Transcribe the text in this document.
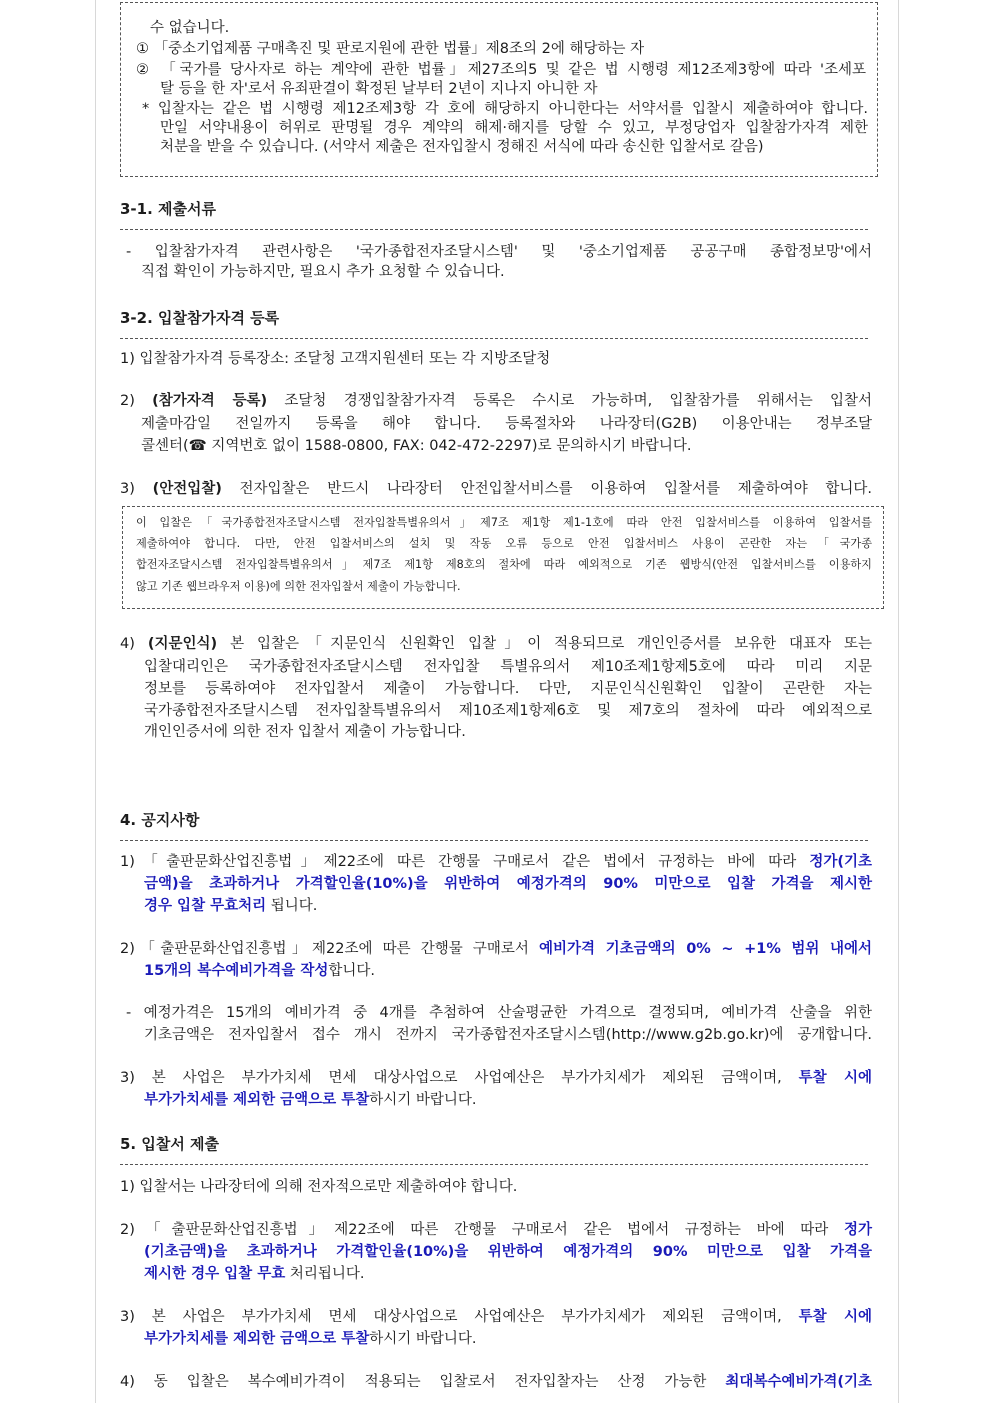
수 없습니다.
① 「중소기업제품 구매촉진 및 판로지원에 관한 법률」제8조의 2에 해당하는 자
② 「국가를 당사자로 하는 계약에 관한 법률」제27조의5 및 같은 법 시행령 제12조제3항에 따라 '조세포
탈 등을 한 자'로서 유죄판결이 확정된 날부터 2년이 지나지 아니한 자
* 입찰자는 같은 법 시행령 제12조제3항 각 호에 해당하지 아니한다는 서약서를 입찰시 제출하여야 합니다.
만일 서약내용이 허위로 판명될 경우 계약의 해제·해지를 당할 수 있고, 부정당업자 입찰참가자격 제한
처분을 받을 수 있습니다. (서약서 제출은 전자입찰시 정해진 서식에 따라 송신한 입찰서로 갈음)
3-1. 제출서류
- 입찰참가자격 관련사항은 '국가종합전자조달시스템' 및 '중소기업제품 공공구매 종합정보망'에서
직접 확인이 가능하지만, 필요시 추가 요청할 수 있습니다.
3-2. 입찰참가자격 등록
1) 입찰참가자격 등록장소: 조달청 고객지원센터 또는 각 지방조달청
2) (참가자격 등록) 조달청 경쟁입찰참가자격 등록은 수시로 가능하며, 입찰참가를 위해서는 입찰서
제출마감일 전일까지 등록을 해야 합니다. 등록절차와 나라장터(G2B) 이용안내는 정부조달
콜센터(☎ 지역번호 없이 1588-0800, FAX: 042-472-2297)로 문의하시기 바랍니다.
3) (안전입찰) 전자입찰은 반드시 나라장터 안전입찰서비스를 이용하여 입찰서를 제출하여야 합니다.
이 입찰은「국가종합전자조달시스템 전자입찰특별유의서」제7조 제1항 제1-1호에 따라 안전 입찰서비스를 이용하여 입찰서를
제출하여야 합니다. 다만, 안전 입찰서비스의 설치 및 작동 오류 등으로 안전 입찰서비스 사용이 곤란한 자는「국가종
합전자조달시스템 전자입찰특별유의서」제7조 제1항 제8호의 절차에 따라 예외적으로 기존 웹방식(안전 입찰서비스를 이용하지
않고 기존 웹브라우저 이용)에 의한 전자입찰서 제출이 가능합니다.
4) (지문인식) 본 입찰은「지문인식 신원확인 입찰」이 적용되므로 개인인증서를 보유한 대표자 또는
입찰대리인은 국가종합전자조달시스템 전자입찰 특별유의서 제10조제1항제5호에 따라 미리 지문
정보를 등록하여야 전자입찰서 제출이 가능합니다. 다만, 지문인식신원확인 입찰이 곤란한 자는
국가종합전자조달시스템 전자입찰특별유의서 제10조제1항제6호 및 제7호의 절차에 따라 예외적으로
개인인증서에 의한 전자 입찰서 제출이 가능합니다.
4. 공지사항
1)「출판문화산업진흥법」제22조에 따른 간행물 구매로서 같은 법에서 규정하는 바에 따라 정가(기초
금액)을 초과하거나 가격할인율(10%)을 위반하여 예정가격의 90% 미만으로 입찰 가격을 제시한
경우 입찰 무효처리 됩니다.
2)「출판문화산업진흥법」제22조에 따른 간행물 구매로서 예비가격 기초금액의 0% ~ +1% 범위 내에서
15개의 복수예비가격을 작성합니다.
- 예정가격은 15개의 예비가격 중 4개를 추첨하여 산술평균한 가격으로 결정되며, 예비가격 산출을 위한
기초금액은 전자입찰서 접수 개시 전까지 국가종합전자조달시스템(http://www.g2b.go.kr)에 공개합니다.
3) 본 사업은 부가가치세 면세 대상사업으로 사업예산은 부가가치세가 제외된 금액이며, 투찰 시에
부가가치세를 제외한 금액으로 투찰하시기 바랍니다.
5. 입찰서 제출
1) 입찰서는 나라장터에 의해 전자적으로만 제출하여야 합니다.
2)「출판문화산업진흥법」제22조에 따른 간행물 구매로서 같은 법에서 규정하는 바에 따라 정가
(기초금액)을 초과하거나 가격할인율(10%)을 위반하여 예정가격의 90% 미만으로 입찰 가격을
제시한 경우 입찰 무효 처리됩니다.
3) 본 사업은 부가가치세 면세 대상사업으로 사업예산은 부가가치세가 제외된 금액이며, 투찰 시에
부가가치세를 제외한 금액으로 투찰하시기 바랍니다.
4) 동 입찰은 복수예비가격이 적용되는 입찰로서 전자입찰자는 산정 가능한 최대복수예비가격(기초
